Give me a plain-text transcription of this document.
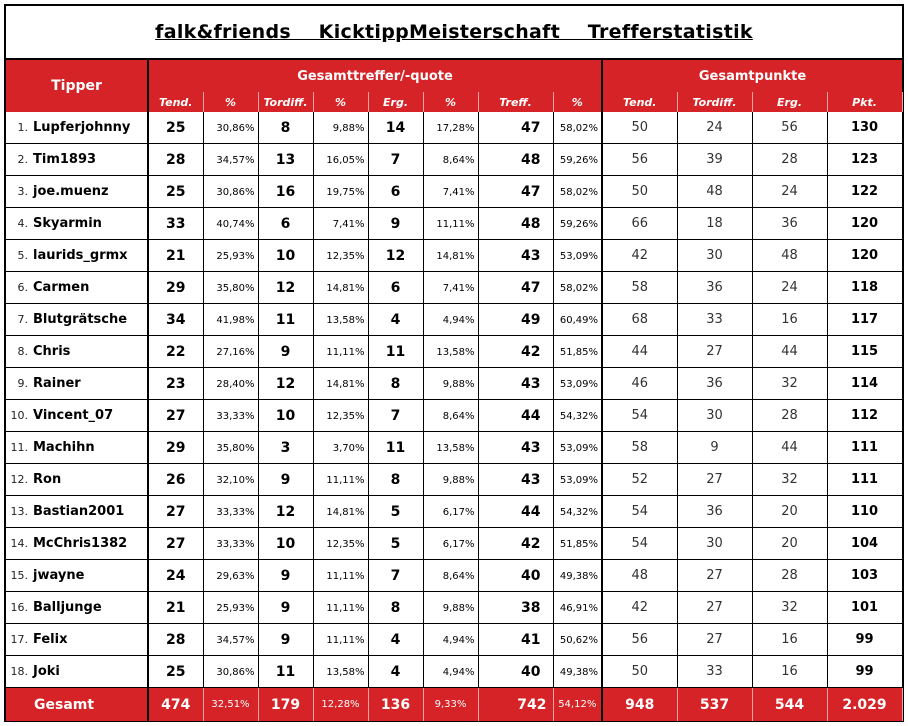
falk&friends    KicktippMeisterschaft    Trefferstatistik
Tipper	Gesamttreffer/-quote								Gesamtpunkte			
	Tend.	%	Tordiff.	%	Erg.	%	Treff.	%	Tend.	Tordiff.	Erg.	Pkt.
1. Lupferjohnny	25	30,86%	8	9,88%	14	17,28%	47	58,02%	50	24	56	130
2. Tim1893	28	34,57%	13	16,05%	7	8,64%	48	59,26%	56	39	28	123
3. joe.muenz	25	30,86%	16	19,75%	6	7,41%	47	58,02%	50	48	24	122
4. Skyarmin	33	40,74%	6	7,41%	9	11,11%	48	59,26%	66	18	36	120
5. laurids_grmx	21	25,93%	10	12,35%	12	14,81%	43	53,09%	42	30	48	120
6. Carmen	29	35,80%	12	14,81%	6	7,41%	47	58,02%	58	36	24	118
7. Blutgrätsche	34	41,98%	11	13,58%	4	4,94%	49	60,49%	68	33	16	117
8. Chris	22	27,16%	9	11,11%	11	13,58%	42	51,85%	44	27	44	115
9. Rainer	23	28,40%	12	14,81%	8	9,88%	43	53,09%	46	36	32	114
10. Vincent_07	27	33,33%	10	12,35%	7	8,64%	44	54,32%	54	30	28	112
11. Machihn	29	35,80%	3	3,70%	11	13,58%	43	53,09%	58	9	44	111
12. Ron	26	32,10%	9	11,11%	8	9,88%	43	53,09%	52	27	32	111
13. Bastian2001	27	33,33%	12	14,81%	5	6,17%	44	54,32%	54	36	20	110
14. McChris1382	27	33,33%	10	12,35%	5	6,17%	42	51,85%	54	30	20	104
15. jwayne	24	29,63%	9	11,11%	7	8,64%	40	49,38%	48	27	28	103
16. Balljunge	21	25,93%	9	11,11%	8	9,88%	38	46,91%	42	27	32	101
17. Felix	28	34,57%	9	11,11%	4	4,94%	41	50,62%	56	27	16	99
18. Joki	25	30,86%	11	13,58%	4	4,94%	40	49,38%	50	33	16	99
Gesamt	474	32,51%	179	12,28%	136	9,33%	742	54,12%	948	537	544	2.029
